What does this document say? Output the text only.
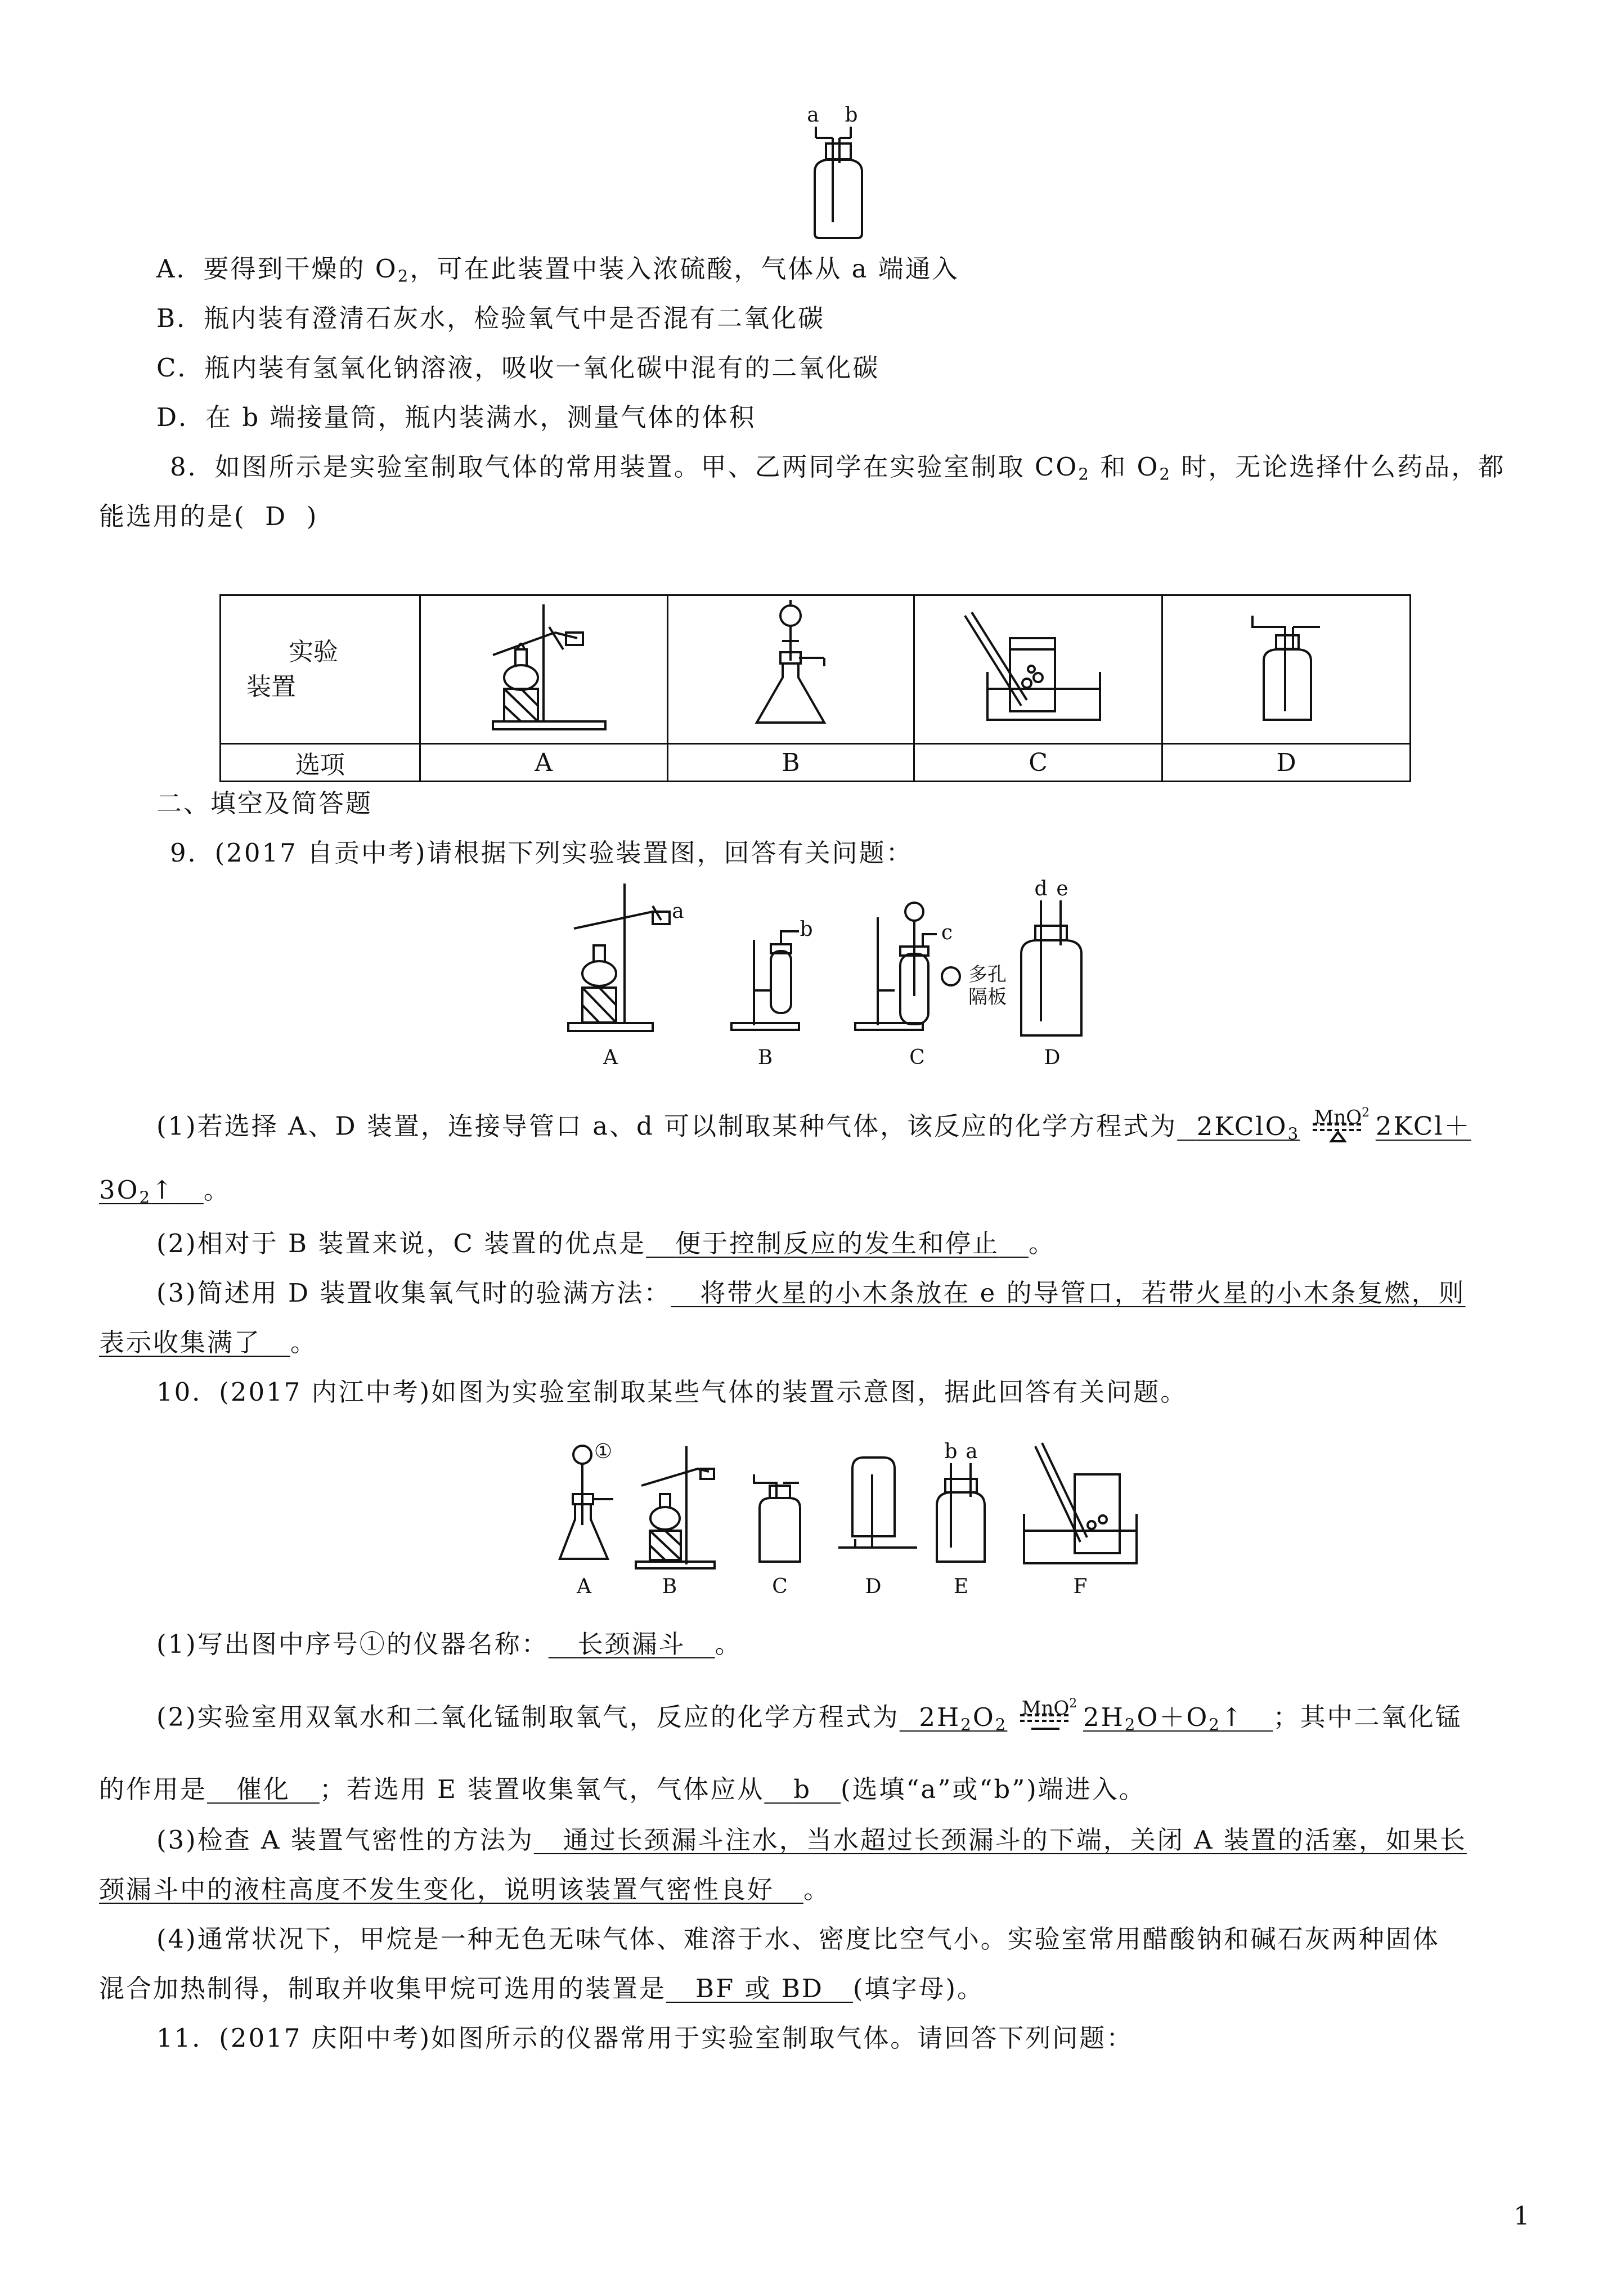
a b
A．要得到干燥的 $O_2$，可在此装置中装入浓硫酸，气体从 a 端通入
B．瓶内装有澄清石灰水，检验氧气中是否混有二氧化碳
C．瓶内装有氢氧化钠溶液，吸收一氧化碳中混有的二氧化碳
D．在 b 端接量筒，瓶内装满水，测量气体的体积
8．如图所示是实验室制取气体的常用装置。甲、乙两同学在实验室制取 $CO_2$ 和 $O_2$ 时，无论选择什么药品，都
能选用的是( D )
实验
装置

选项	A	B	C	D
二、填空及简答题
9．(2017 自贡中考)请根据下列实验装置图，回答有关问题：
a
b	c
d e
多孔
隔板
A	B	C	D
(1)若选择 A、D 装置，连接导管口 a、d 可以制取某种气体，该反应的化学方程式为 2KClO$_3$
MnO$^2$ 2KCl＋
$3O_2↑$ 。
(2)相对于 B 装置来说，C 装置的优点是 便于控制反应的发生和停止 。
(3)简述用 D 装置收集氧气时的验满方法： 将带火星的小木条放在 e 的导管口，若带火星的小木条复燃，则
表示收集满了 。
10．(2017 内江中考)如图为实验室制取某些气体的装置示意图，据此回答有关问题。
①	b a
A	B	C	D	E	F
(1)写出图中序号①的仪器名称： 长颈漏斗 。
(2)实验室用双氧水和二氧化锰制取氧气，反应的化学方程式为 $2H_2O_2$
MnO$^2$ $2H_2O+O_2↑$ ；其中二氧化锰
的作用是 催化 ；若选用 E 装置收集氧气，气体应从 b (选填“a”或“b”)端进入。
(3)检查 A 装置气密性的方法为 通过长颈漏斗注水，当水超过长颈漏斗的下端，关闭 A 装置的活塞，如果长
颈漏斗中的液柱高度不发生变化，说明该装置气密性良好 。
(4)通常状况下，甲烷是一种无色无味气体、难溶于水、密度比空气小。实验室常用醋酸钠和碱石灰两种固体
混合加热制得，制取并收集甲烷可选用的装置是 BF 或 BD (填字母)。
11．(2017 庆阳中考)如图所示的仪器常用于实验室制取气体。请回答下列问题：
1
